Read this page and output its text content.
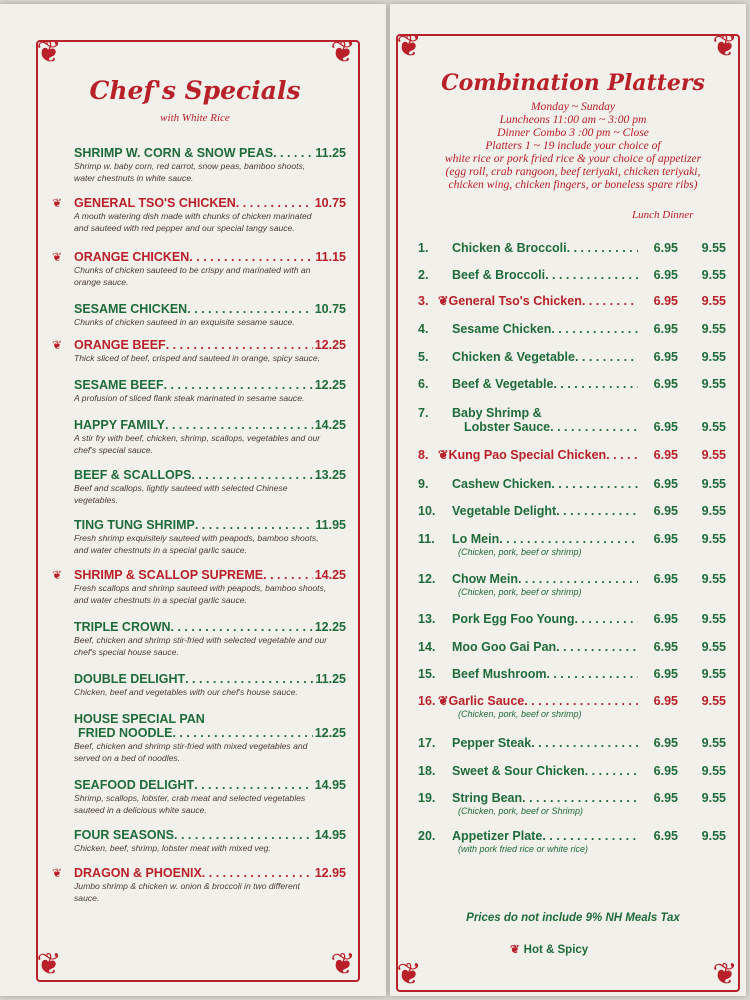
❦	❦
❦	❦
Chef's Specials
with White Rice
❦	❦
❦	❦
Combination Platters
SHRIMP W. CORN & SNOW PEAS . . .	11.25
Shrimp w. baby corn, red carrot, snow peas, bamboo shoots,
water chestnuts in white sauce.
❦ GENERAL TSO'S CHICKEN . . .	10.75
A mouth watering dish made with chunks of chicken marinated
and sauteed with red pepper and our special tangy sauce.
❦ ORANGE CHICKEN . . .	11.15
Chunks of chicken sauteed to be crispy and marinated with an
orange sauce.
SESAME CHICKEN . . .	10.75
Chunks of chicken sauteed in an exquisite sesame sauce.
❦ ORANGE BEEF . . .	12.25
Thick sliced of beef, crisped and sauteed in orange, spicy sauce.
SESAME BEEF . . .	12.25
A profusion of sliced flank steak marinated in sesame sauce.
HAPPY FAMILY . . .	14.25
A stir fry with beef, chicken, shrimp, scallops, vegetables and our
chef's special sauce.
BEEF & SCALLOPS . . .	13.25
Beef and scallops, lightly sauteed with selected Chinese
vegetables.
TING TUNG SHRIMP . . .	11.95
Fresh shrimp exquisitely sauteed with peapods, bamboo shoots,
and water chestnuts in a special garlic sauce.
❦ SHRIMP & SCALLOP SUPREME . . .	14.25
Fresh scallops and shrimp sauteed with peapods, bamboo shoots,
and water chestnuts in a special garlic sauce.
TRIPLE CROWN . . .	12.25
Beef, chicken and shrimp stir-fried with selected vegetable and our
chef's special house sauce.
DOUBLE DELIGHT . . .	11.25
Chicken, beef and vegetables with our chef's house sauce.
HOUSE SPECIAL PAN
FRIED NOODLE . . .	12.25
Beef, chicken and shrimp stir-fried with mixed vegetables and
served on a bed of noodles.
SEAFOOD DELIGHT . . .	14.95
Shrimp, scallops, lobster, crab meat and selected vegetables
sauteed in a delicious white sauce.
FOUR SEASONS . . .	14.95
Chicken, beef, shrimp, lobster meat with mixed veg.
❦ DRAGON & PHOENIX . . .	12.95
Jumbo shrimp & chicken w. onion & broccoli in two different
sauce.
Monday ~ Sunday
Luncheons 11:00 am ~ 3:00 pm
Dinner Combo 3 :00 pm ~ Close
Platters 1 ~ 19 include your choice of
white rice or pork fried rice & your choice of appetizer
(egg roll, crab rangoon, beef teriyaki, chicken teriyaki,
chicken wing, chicken fingers, or boneless spare ribs)
Lunch Dinner
1.	Chicken & Broccoli . . .	6.95	9.55
2.	Beef & Broccoli . . .	6.95	9.55
3. ❦ General Tso's Chicken . . .	6.95	9.55
4.	Sesame Chicken . . .	6.95	9.55
5.	Chicken & Vegetable . . .	6.95	9.55
6.	Beef & Vegetable . . .	6.95	9.55
7.	Baby Shrimp &
Lobster Sauce . . .	6.95	9.55
8. ❦ Kung Pao Special Chicken . . .	6.95	9.55
9.	Cashew Chicken . . .	6.95	9.55
10.	Vegetable Delight . . .	6.95	9.55
11.	Lo Mein . . .	6.95	9.55
(Chicken, pork, beef or shrimp)
12.	Chow Mein . . .	6.95	9.55
(Chicken, pork, beef or shrimp)
13.	Pork Egg Foo Young . . .	6.95	9.55
14.	Moo Goo Gai Pan . . .	6.95	9.55
15.	Beef Mushroom . . .	6.95	9.55
16. ❦ Garlic Sauce . . .	6.95	9.55
(Chicken, pork, beef or shrimp)
17.	Pepper Steak . . .	6.95	9.55
18.	Sweet & Sour Chicken . . .	6.95	9.55
19.	String Bean . . .	6.95	9.55
(Chicken, pork, beef or Shrimp)
20.	Appetizer Plate . . .	6.95	9.55
(with pork fried rice or white rice)
Prices do not include 9% NH Meals Tax
❦ Hot & Spicy
